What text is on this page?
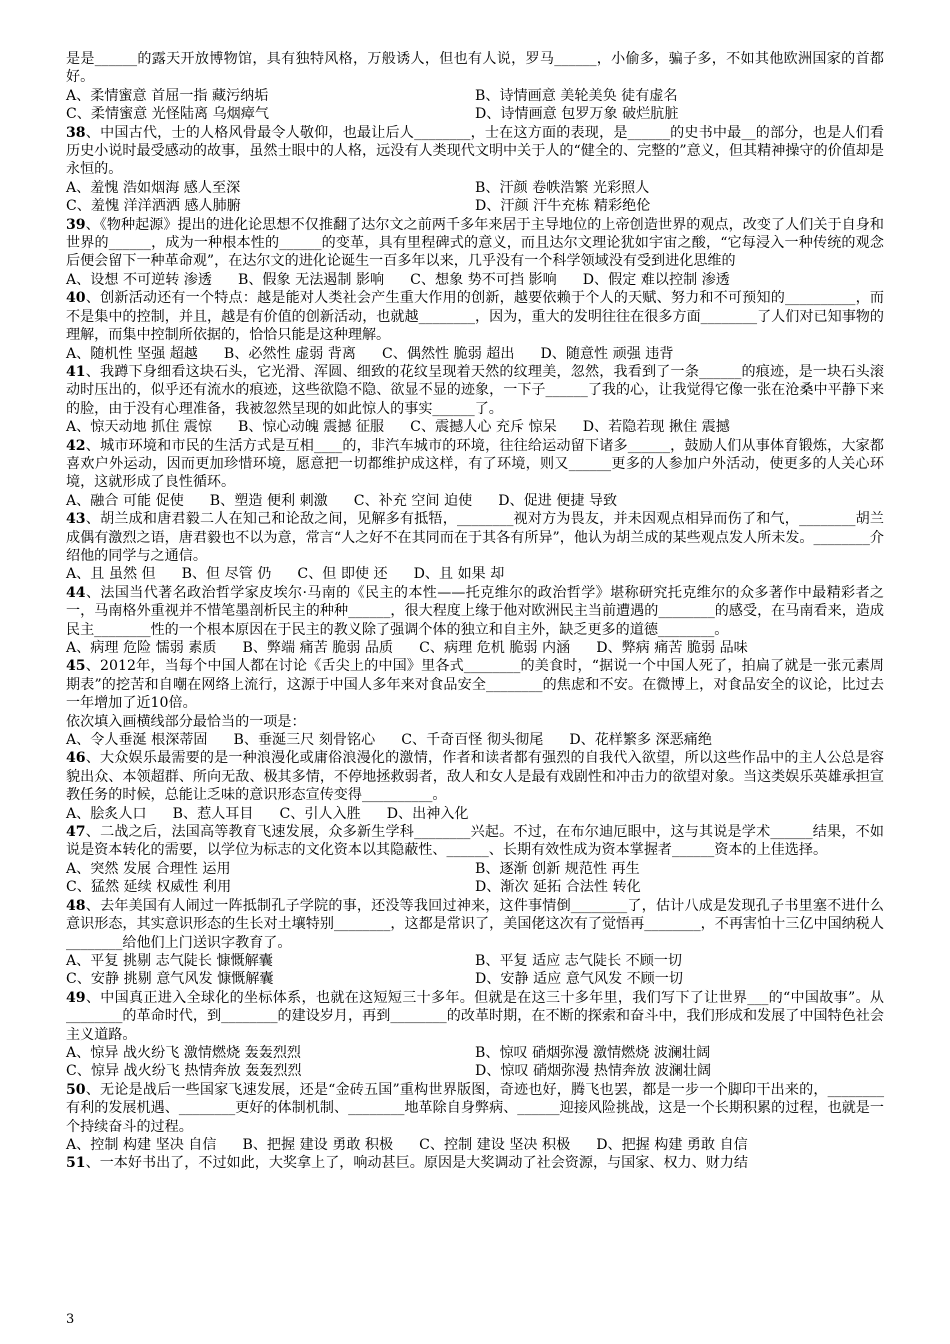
是是______的露天开放博物馆，具有独特风格，万般诱人，但也有人说，罗马______，小偷多，骗子多，不如其他欧洲国家的首都好。

A、柔情蜜意 首屈一指 藏污纳垢	B、诗情画意 美轮美奂 徒有虚名
C、柔情蜜意 光怪陆离 乌烟瘴气	D、诗情画意 包罗万象 破烂肮脏

38、中国古代，士的人格风骨最令人敬仰，也最让后人________，士在这方面的表现，是______的史书中最__的部分，也是人们看历史小说时最受感动的故事，虽然士眼中的人格，远没有人类现代文明中关于人的“健全的、完整的”意义，但其精神操守的价值却是永恒的。

A、羞愧 浩如烟海 感人至深	B、汗颜 卷帙浩繁 光彩照人
C、羞愧 洋洋洒洒 感人肺腑	D、汗颜 汗牛充栋 精彩绝伦

39、《物种起源》提出的进化论思想不仅推翻了达尔文之前两千多年来居于主导地位的上帝创造世界的观点，改变了人们关于自身和世界的______，成为一种根本性的______的变革，具有里程碑式的意义，而且达尔文理论犹如宇宙之酸，“它每浸入一种传统的观念后便会留下一种革命观”，在达尔文的进化论诞生一百多年以来，几乎没有一个科学领域没有受到进化思维的

A、设想 不可逆转 渗透 B、假象 无法遏制 影响 C、想象 势不可挡 影响 D、假定 难以控制 渗透

40、创新活动还有一个特点：越是能对人类社会产生重大作用的创新，越要依赖于个人的天赋、努力和不可预知的__________，而不是集中的控制，并且，越是有价值的创新活动，也就越________，因为，重大的发明往往在很多方面________了人们对已知事物的理解，而集中控制所依据的，恰恰只能是这种理解。

A、随机性 坚强 超越 B、必然性 虚弱 背离 C、偶然性 脆弱 超出 D、随意性 顽强 违背

41、我蹲下身细看这块石头，它光滑、浑圆、细致的花纹呈现着天然的纹理美，忽然，我看到了一条______的痕迹，是一块石头滚动时压出的，似乎还有流水的痕迹，这些欲隐不隐、欲显不显的迹象，一下子______了我的心，让我觉得它像一张在沧桑中平静下来的脸，由于没有心理准备，我被忽然呈现的如此惊人的事实______了。

A、惊天动地 抓住 震惊 B、惊心动魄 震撼 征服 C、震撼人心 充斥 惊呆 D、若隐若现 揪住 震撼

42、城市环境和市民的生活方式是互相____的，非汽车城市的环境，往往给运动留下诸多______，鼓励人们从事体育锻炼，大家都喜欢户外运动，因而更加珍惜环境，愿意把一切都维护成这样，有了环境，则又______更多的人参加户外活动，使更多的人关心环境，这就形成了良性循环。

A、融合 可能 促使 B、塑造 便利 刺激 C、补充 空间 迫使 D、促进 便捷 导致

43、胡兰成和唐君毅二人在知己和论敌之间，见解多有抵牾，________视对方为畏友，并未因观点相异而伤了和气，________胡兰成偶有激烈之语，唐君毅也不以为意，常言“人之好不在其同而在于其各有所异”，他认为胡兰成的某些观点发人所未发。________介绍他的同学与之通信。

A、且 虽然 但 B、但 尽管 仍 C、但 即使 还 D、且 如果 却

44、法国当代著名政治哲学家皮埃尔·马南的《民主的本性——托克维尔的政治哲学》堪称研究托克维尔的众多著作中最精彩者之一，马南格外重视并不惜笔墨剖析民主的种种______，很大程度上缘于他对欧洲民主当前遭遇的________的感受，在马南看来，造成民主________性的一个根本原因在于民主的教义除了强调个体的独立和自主外，缺乏更多的道德________。

A、病理 危险 懦弱 素质 B、弊端 痛苦 脆弱 品质 C、病理 危机 脆弱 内涵 D、弊病 痛苦 脆弱 品味

45、2012年，当每个中国人都在讨论《舌尖上的中国》里各式________的美食时，“据说一个中国人死了，拍扁了就是一张元素周期表”的挖苦和自嘲在网络上流行，这源于中国人多年来对食品安全________的焦虑和不安。在微博上，对食品安全的议论，比过去一年增加了近10倍。

依次填入画横线部分最恰当的一项是：

A、令人垂涎 根深蒂固 B、垂涎三尺 刻骨铭心 C、千奇百怪 彻头彻尾 D、花样繁多 深恶痛绝

46、大众娱乐最需要的是一种浪漫化或庸俗浪漫化的激情，作者和读者都有强烈的自我代入欲望，所以这些作品中的主人公总是容貌出众、本领超群、所向无敌、极其多情，不停地拯救弱者，敌人和女人是最有戏剧性和冲击力的欲望对象。当这类娱乐英雄承担宣教任务的时候，总能让乏味的意识形态宣传变得__________。

A、脍炙人口 B、惹人耳目 C、引人入胜 D、出神入化

47、二战之后，法国高等教育飞速发展，众多新生学科________兴起。不过，在布尔迪厄眼中，这与其说是学术______结果，不如说是资本转化的需要，以学位为标志的文化资本以其隐蔽性、______、长期有效性成为资本掌握者______资本的上佳选择。

A、突然 发展 合理性 运用	B、逐渐 创新 规范性 再生
C、猛然 延续 权威性 利用	D、渐次 延拓 合法性 转化

48、去年美国有人闹过一阵抵制孔子学院的事，还没等我回过神来，这件事情倒________了，估计八成是发现孔子书里塞不进什么意识形态，其实意识形态的生长对土壤特别________，这都是常识了，美国佬这次有了觉悟再________，不再害怕十三亿中国纳税人________给他们上门送识字教育了。

A、平复 挑剔 志气陡长 慷慨解囊	B、平复 适应 志气陡长 不顾一切
C、安静 挑剔 意气风发 慷慨解囊	D、安静 适应 意气风发 不顾一切

49、中国真正进入全球化的坐标体系，也就在这短短三十多年。但就是在这三十多年里，我们写下了让世界___的“中国故事”。从________的革命时代，到________的建设岁月，再到________的改革时期，在不断的探索和奋斗中，我们形成和发展了中国特色社会主义道路。

A、惊异 战火纷飞 激情燃烧 轰轰烈烈	B、惊叹 硝烟弥漫 激情燃烧 波澜壮阔
C、惊异 战火纷飞 热情奔放 轰轰烈烈	D、惊叹 硝烟弥漫 热情奔放 波澜壮阔

50、无论是战后一些国家飞速发展，还是“金砖五国”重构世界版图，奇迹也好，腾飞也罢，都是一步一个脚印干出来的，________有利的发展机遇、________更好的体制机制、________地革除自身弊病、______迎接风险挑战，这是一个长期积累的过程，也就是一个持续奋斗的过程。

A、控制 构建 坚决 自信 B、把握 建设 勇敢 积极 C、控制 建设 坚决 积极 D、把握 构建 勇敢 自信

51、一本好书出了，不过如此，大奖拿上了，响动甚巨。原因是大奖调动了社会资源，与国家、权力、财力结

3
